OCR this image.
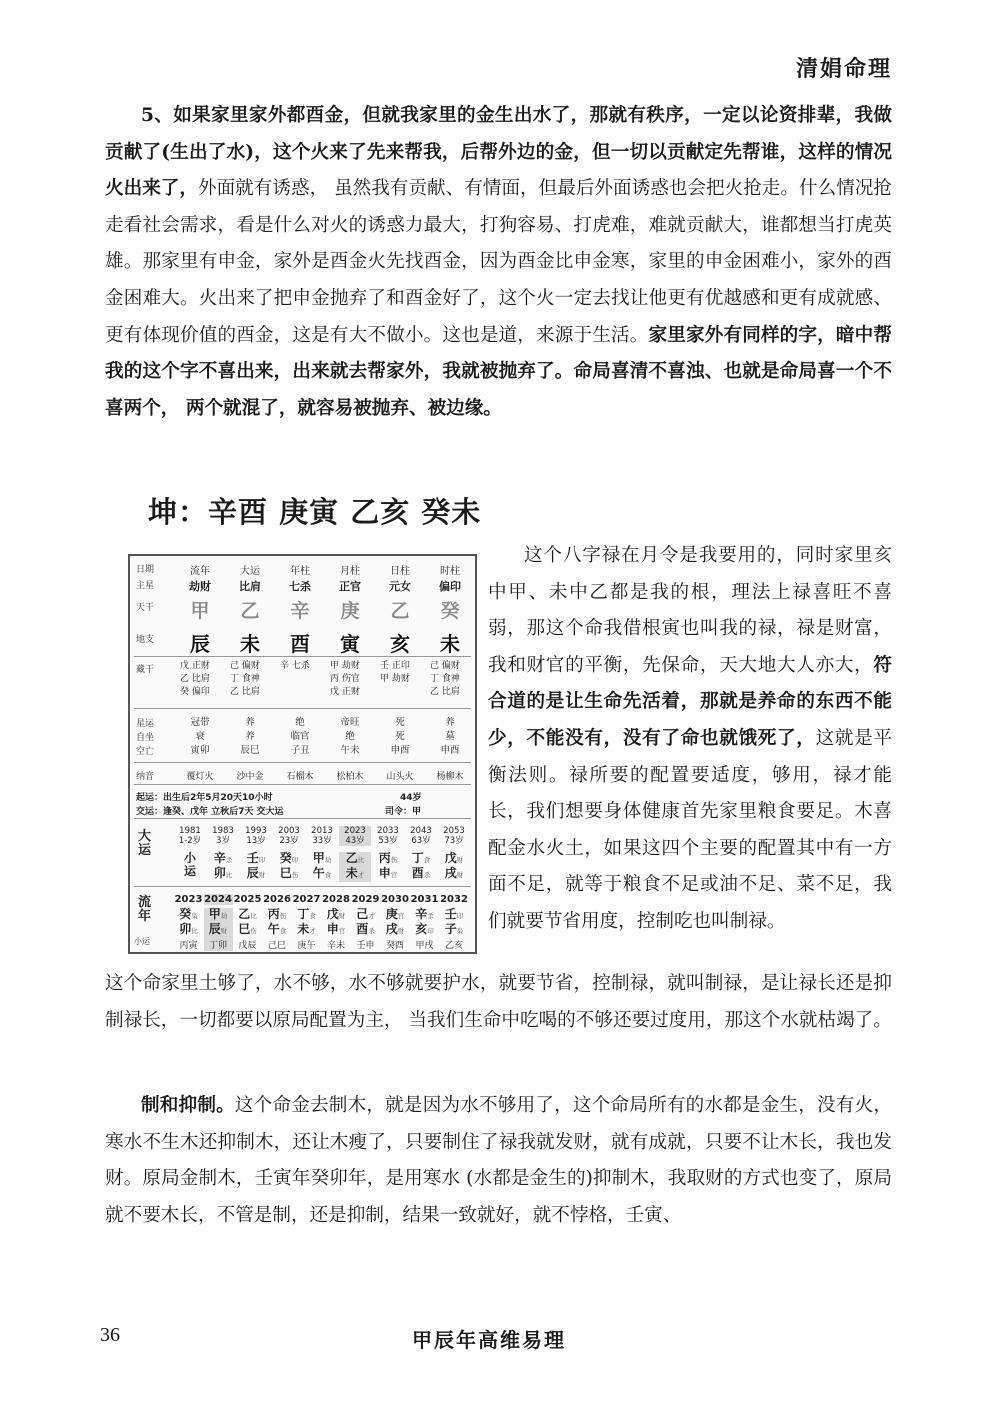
清娟命理
5、如果家里家外都酉金，但就我家里的金生出水了，那就有秩序，一定以论资排辈，我做贡献了(生出了水)，这个火来了先来帮我，后帮外边的金，但一切以贡献定先帮谁，这样的情况火出来了，外面就有诱惑， 虽然我有贡献、有情面，但最后外面诱惑也会把火抢走。什么情况抢走看社会需求，看是什么对火的诱惑力最大，打狗容易、打虎难，难就贡献大，谁都想当打虎英雄。那家里有申金，家外是酉金火先找酉金，因为酉金比申金寒，家里的申金困难小，家外的酉金困难大。火出来了把申金抛弃了和酉金好了，这个火一定去找让他更有优越感和更有成就感、更有体现价值的酉金，这是有大不做小。这也是道，来源于生活。家里家外有同样的字，暗中帮我的这个字不喜出来，出来就去帮家外，我就被抛弃了。命局喜清不喜浊、也就是命局喜一个不喜两个， 两个就混了，就容易被抛弃、被边缘。
坤：辛酉 庚寅 乙亥 癸未
日期
主星
天干
地支
藏干
星运
自坐
空亡
纳音
流年
劫财
甲
辰
戊 正财
乙 比肩
癸 偏印
冠带
衰
寅卯
覆灯火
大运
比肩
乙
未
己 偏财
丁 食神
乙 比肩
养
养
辰巳
沙中金
年柱
七杀
辛
酉
辛 七杀
绝
临官
子丑
石榴木
月柱
正官
庚
寅
甲 劫财
丙 伤官
戊 正财
帝旺
绝
午未
松柏木
日柱
元女
乙
亥
壬 正印
甲 劫财
死
死
申酉
山头火
时柱
偏印
癸
未
己 偏财
丁 食神
乙 比肩
养
墓
申酉
杨柳木
起运：出生后2年5月20天10小时
交运：逢癸、戊年 立秋后7天 交大运
44岁
司令：甲
大
运
1981
1-2岁
小
运
1983
3岁
辛杀
卯比
1993
13岁
壬印
辰财
2003
23岁
癸印
巳伤
2013
33岁
甲劫
午食
2023
43岁
乙比
未才
2033
53岁
丙伤
申官
2043
63岁
丁食
酉杀
2053
73岁
戊财
戌财
流
年
小运
2023
癸枭
卯比
丙寅
2024
甲劫
辰财
丁卯
2025
乙比
巳伤
戊辰
2026
丙伤
午食
己巳
2027
丁食
未才
庚午
2028
戊财
申官
辛未
2029
己才
酉杀
壬申
2030
庚官
戌财
癸酉
2031
辛杀
亥印
甲戌
2032
壬印
子枭
乙亥
这个八字禄在月令是我要用的，同时家里亥中甲、未中乙都是我的根，理法上禄喜旺不喜弱，那这个命我借根寅也叫我的禄，禄是财富，我和财官的平衡，先保命，天大地大人亦大，符合道的是让生命先活着，那就是养命的东西不能少，不能没有，没有了命也就饿死了，这就是平衡法则。禄所要的配置要适度，够用，禄才能长，我们想要身体健康首先家里粮食要足。木喜配金水火土，如果这四个主要的配置其中有一方面不足，就等于粮食不足或油不足、菜不足，我们就要节省用度，控制吃也叫制禄。
这个命家里土够了，水不够，水不够就要护水，就要节省，控制禄，就叫制禄，是让禄长还是抑制禄长，一切都要以原局配置为主， 当我们生命中吃喝的不够还要过度用，那这个水就枯竭了。
制和抑制。这个命金去制木，就是因为水不够用了，这个命局所有的水都是金生，没有火，寒水不生木还抑制木，还让木瘦了，只要制住了禄我就发财，就有成就，只要不让木长，我也发财。原局金制木，壬寅年癸卯年，是用寒水 (水都是金生的)抑制木，我取财的方式也变了，原局就不要木长，不管是制，还是抑制，结果一致就好，就不悖格，壬寅、
36	甲辰年高维易理
